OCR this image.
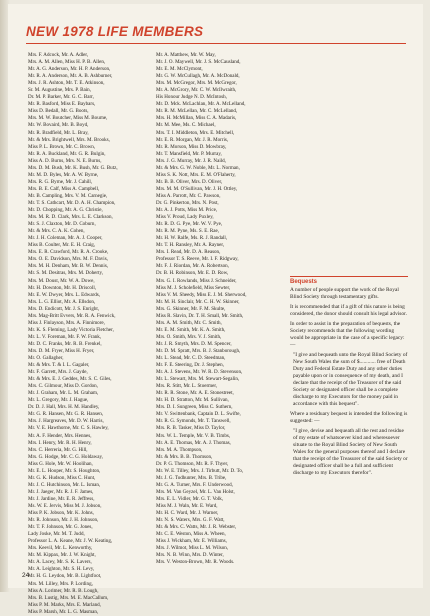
NEW 1978 LIFE MEMBERS
Mrs. F. Adcock, Mr. A. Adler,
Mrs. A. M. Allen, Miss H. P. B. Allen,
Mr. A. G. Anderson, Mr. H. P. Anderson,
Mr. R. A. Anderson, Mr. A. B. Ashburner,
Mrs. J. R. Ashton, Mr. T. E. Atkinson,
Sr. M. Augustine, Mrs. P. Bain,
Dr. M. P. Barker, Mr. G. C. Barr,
Mr. R. Basford, Miss E. Baybars,
Miss D. Bedall, Mr. G. Boots,
Mrs. M. W. Boutcher, Miss M. Bourne,
Mr. W. Bovaird, Mr. B. Boyd,
Mr. R. Bradfield, Mr. L. Bray,
Mr. & Mrs. Brightwell, Mrs. M. Brooks,
Miss P. L. Brown, Mr. C. Brown,
Mr. R. A. Buckland, Mr. G. R. Bulgin,
Miss A. D. Burns, Mrs. N. E. Burns,
Mrs. D. M. Bush, Mr. K. Bush, Mr. G. Butz,
Mr. M. D. Byles, Mr. A. W. Byrne,
Mrs. R. G. Byrne, Mr. J. Cahill,
Mrs. B. E. Calf, Miss A. Campbell,
Mr. B. Campling, Mrs. V. M. Carnegie,
Mr. T. S. Cathcart, Mr. D. A. H. Champion,
Mr. D. Chopping, Mr. A. G. Christie,
Mrs. M. R. D. Clark, Mrs. L. E. Clarkson,
Mr. S. J. Claxton, Mr. D. Coburn,
Mr. & Mrs. C. A. K. Cohen,
Mr. J. H. Coleman, Mr. A. J. Cooper,
Miss B. Coulter, Mr. E. H. Craig,
Mrs. E. R. Crawford, Mr. R. A. Crooke,
Mrs. O. E. Davidson, Mrs. M. F. Davis,
Mrs. M. H. Denham, Mr. B. W. Dennis,
Mr. S. M. Desitras, Mrs. M. Doherty,
Mrs. M. Doust, Mr. W. A. Dowe,
Mr. H. Downton, Mr. H. Driscoll,
Mr. E. W. Dwyer, Mrs. L. Edwards,
Mrs. L. G. Elliot, Mr. A. Ellsdon,
Mrs. D. Endicott, Mr. J. S. Enright,
Mrs. Mag-Britt Evvers, Mr. R. A. Fenwick,
Miss J. Finlayson, Mrs. A. Finnimore,
Mr. K. S. Fleming, Lady Victoria Fletcher,
Mr. L. V. Foreman, Mr. F. W. Frank,
Mr. D. C. Franks, Mr. R. B. Frenkel,
Mrs. D. M. Fryer, Miss H. Fryer,
Mr. O. Gallagher,
Mr. & Mrs. T. & I. L. Gagaler,
Mr. F. Garrett, Mrs. J. Gayde,
Mr. & Mrs. E. J. Geddes, Mr. S. C. Giles,
Mrs. C. Gilmour, Miss D. Gordon,
Mr. J. Graham, Mr. L. M. Graham,
Mr. L. Gregory, Mr. J. Hague,
Dr. D. J. Hall, Mrs. H. M. Handley,
Mr. G. R. Hansen, Mr. G. R. Hansen,
Mrs. J. Hargreaves, Mr. D. W. Harris,
Mr. V. E. Hawthorne, Mr. C. S. Hawley,
Mr. A. F. Hender, Mrs. Hennes,
Mrs. I. Henry, Mr. R. H. Henry,
Mrs. C. Herreria, Mr. G. Hill,
Mrs. G. Hodge, Mr. C. G. Holdaway,
Miss G. Hole, Mr. W. Hoolihan,
Mr. E. L. Hooper, Mr. S. Houghton,
Mr. G. K. Hudson, Miss C. Hunt,
Mr. J. C. Hutchinson, Mr. L. Isman,
Mr. J. Jaeger, Mr. R. J. F. James,
Mr. J. Jardine, Mr. E. R. Jeffress,
Ms. W. E. Jervis, Miss M. J. Jobson,
Miss P. K. Jobson, Mr. K. Johns,
Mr. R. Johnson, Mr. J. H. Johnson,
Mr. T. F. Johnson, Mr. G. Jones,
Lady Joske, Mr. M. T. Judd,
Professor L. A. Keane, Mr. J. W. Keating,
Mrs. Keevil, Mr. L. Kenworthy,
Mr. M. Kippax, Mr. J. W. Knight,
Mr. A. Lacey, Mr. S. K. Lavers,
Mr. A. Leighton, Mr. S. H. Levy,
Mr. H. G. Leydon, Mr. B. Lightfoot,
Mrs. M. Lilley, Mrs. P. Lording,
Miss A. Lorimer, Mr. R. B. Lough,
Mrs. B. Lustig, Mrs. M. E. MacCallum,
Miss P. M. Marks, Mrs. E. Marland,
Miss P. Marsh, Mr. L. G. Masman,
Mr. A. Matthew, Mr. W. May,
Mr. J. O. Maywell, Mr. J. S. McCausland,
Mr. E. M. McClymont,
Mr. G. W. McCullagh, Mr. A. McDonald,
Mrs. M. McGregor, Mrs. M. McGregor,
Mr. A. McGrory, Mr. C. W. McIlwraith,
His Honour Judge N. D. McIntosh,
Mr. D. Mck. McLachlan, Mr. A. McLelland,
Mr. R. M. McLellan, Mr. C. McLelland,
Mrs. H. McMillan, Miss C. A. Madaris,
Mr. M. Mee, Ms. C. Michael,
Mrs. T. I. Middleton, Mrs. E. Mitchell,
Mr. E. R. Morgan, Mr. J. R. Morris,
Mr. R. Morson, Miss D. Mowbray,
Mr. T. Mansfield, Mr. P. Murray,
Mrs. J. G. Murray, Mr. J. R. Naild,
Mr. & Mrs. G. W. Noble, Mr. L. Norman,
Miss S. K. Nott, Mrs. E. M. O'Flaherty,
Mr. B. B. Oliver, Mrs. D. Oliver,
Mrs. M. M. O'Sullivan, Mr. J. H. Ottley,
Miss A. Parrott, Mr. C. Pawson,
Dr. G. Pinkerton, Mrs. N. Post,
Mr. A. J. Potts, Miss M. Price,
Miss V. Proud, Lady Puxley,
Mr. R. D. G. Pye, Mr. W. V. Pye,
Mr. R. M. Pyne, Ms. S. E. Rae,
Mr. H. W. Ralfe, Ms. R. J. Randall,
Mr. T. H. Ransley, Mr. A. Rayner,
Mrs. I. Read, Mr. D. A. Reason,
Professor T. S. Reeve, Mr. I. F. Ridgway,
Mr. F. J. Riordan, Mr. A. Robertson,
Dr. B. H. Robinson, Mr. E. D. Row,
Mrs. G. I. Rowlands, Miss J. Schneider,
Miss M. J. Scholefield, Miss Sewter,
Miss V. M. Sheedy, Miss E. J. M. Sherwood,
Mr. M. H. Sinclair, Mr. C. H. W. Skinner,
Mrs. G. Skinner, Mr. F. M. Skulte,
Miss R. Slavin, Dr. T. H. Small, Mr. Smith,
Mrs. A. M. Smith, Mr. C. Smith,
Mr. E. M. Smith, Mr. K. A. Smith,
Mrs. O. Smith, Mrs. V. J. Smith,
Mr. J. R. Smyth, Mrs. D. M. Spencer,
Mr. D. M. Spratt, Mrs. B. J. Stanborough,
Mr. L. Stead, Mr. C. D. Steedman,
Mr. F. E. Steering, Dr. J. Stephen,
Mr. A. J. Stevens, Mr. W. R. D. Stevenson,
Mr. L. Stewart, Mrs. M. Stewart-Segalin,
Mrs. R. Stitt, Mr. L. Stoermer,
Mr. R. R. Stone, Mr. A. E. Stonestreet,
Mr. H. D. Stratton, Mr. M. Sullivan,
Mrs. D. I. Sungreen, Miss C. Suthern,
Mr. V. Swittenbank, Captain D. L. Swifte,
Mr. R. G. Symonds, Mr. T. Tanswell,
Mrs. R. B. Tasker, Miss D. Taylor,
Mrs. W. L. Temple, Mr. V. B. Timbs,
Mr. A. E. Thomas, Mr. A. J. Thomas,
Mrs. M. A. Thompson,
Mr. & Mrs. B. B. Thomson,
Dr. P. G. Thomson, Mr. R. F. Thyer,
Mr. W. E. Tilley, Mrs. J. Tirbutt, Mr. D. To,
Mr. J. G. Todhunter, Mrs. B. Tribe,
Mr. G. A. Turner, Mrs. F. Underwood,
Mrs. M. Van Geyzel, Mr. L. Van Holst,
Mrs. E. L. Vidler, Mr. G. T. Volk,
Miss M. J. Waln, Mr. E. Ward,
Mr. H. C. Ward, Mr. J. Warner,
Mr. N. S. Waters, Mrs. G. F. Watt,
Mr. & Mrs. C. Watts, Mr. J. R. Webster,
Mr. C. E. Weston, Miss A. Wheen,
Miss J. Wickham, Mr. E. Williams,
Mrs. J. Wilmot, Miss L. M. Wilson,
Mrs. N. B. Winn, Mrs. D. Winter,
Mrs. V. Weston-Brown, Mr. R. Woods.
Bequests

A number of people support the work of the Royal Blind Society through testamentary gifts.

It is recommended that if a gift of this nature is being considered, the donor should consult his legal advisor.

In order to assist in the preparation of bequests, the Society recommends that the following wording would be appropriate in the case of a specific legacy: —

"I give and bequeath unto the Royal Blind Society of New South Wales the sum of $............ free of Death Duty and Federal Estate Duty and any other duties payable upon or in consequence of my death, and I declare that the receipt of the Treasurer of the said Society or designated officer shall be a complete discharge to my Executors for the money paid in accordance with this bequest".

Where a residuary bequest is intended the following is suggested: —

"I give, devise and bequeath all the rest and residue of my estate of whatsoever kind and wheresoever situate to the Royal Blind Society of New South Wales for the general purposes thereof and I declare that the receipt of the Treasurer of the said Society or designated officer shall be a full and sufficient discharge to my Executors therefor".

24
